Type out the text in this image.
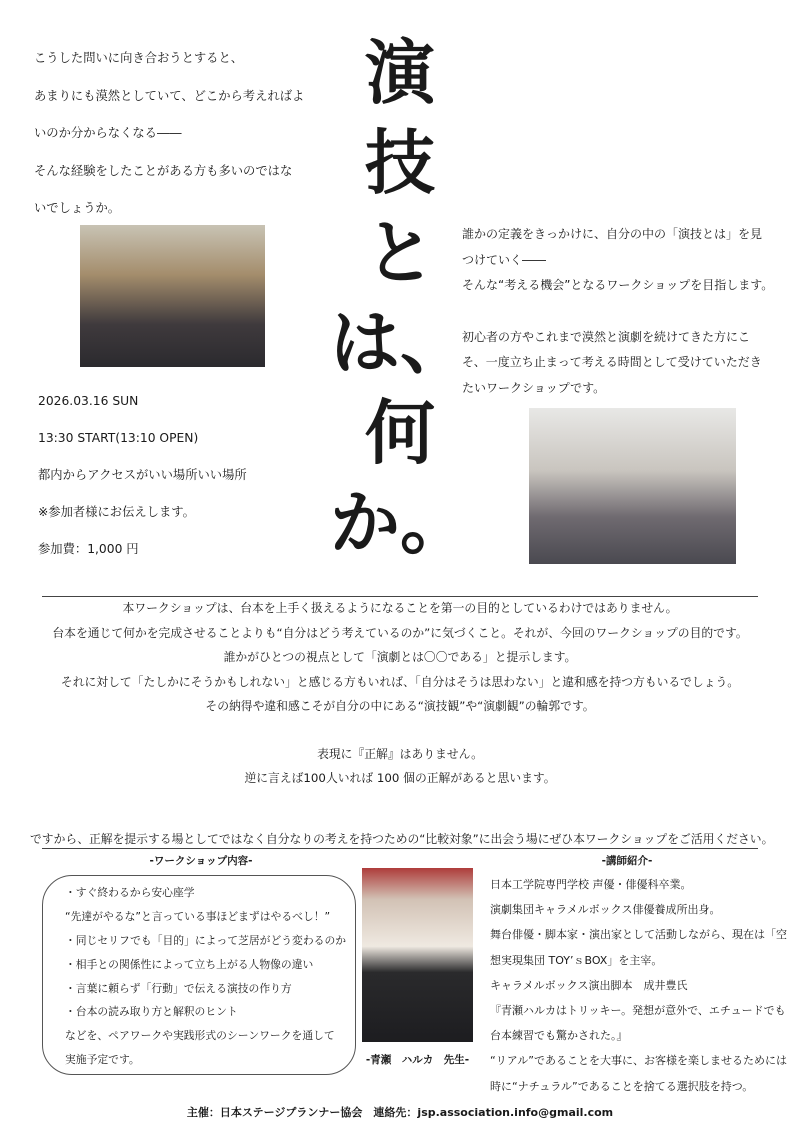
こうした問いに向き合おうとすると、
あまりにも漠然としていて、どこから考えればよ
いのか分からなくなる――
そんな経験をしたことがある方も多いのではな
いでしょうか。
演
技
と
は、
何
か。
誰かの定義をきっかけに、自分の中の「演技とは」を見
つけていく――
そんな“考える機会”となるワークショップを目指します。
初心者の方やこれまで漠然と演劇を続けてきた方にこ
そ、一度立ち止まって考える時間として受けていただき
たいワークショップです。
2026.03.16 SUN
13:30 START(13:10 OPEN)
都内からアクセスがいい場所いい場所
※参加者様にお伝えします。
参加費：1,000 円
本ワークショップは、台本を上手く扱えるようになることを第一の目的としているわけではありません。
台本を通じて何かを完成させることよりも“自分はどう考えているのか”に気づくこと。それが、今回のワークショップの目的です。
誰かがひとつの視点として「演劇とは〇〇である」と提示します。
それに対して「たしかにそうかもしれない」と感じる方もいれば、「自分はそうは思わない」と違和感を持つ方もいるでしょう。
その納得や違和感こそが自分の中にある“演技観”や“演劇観”の輪郭です。
表現に『正解』はありません。
逆に言えば100人いれば 100 個の正解があると思います。
ですから、正解を提示する場としてではなく自分なりの考えを持つための“比較対象”に出会う場にぜひ本ワークショップをご活用ください。
-ワークショップ内容-
・すぐ終わるから安心座学
“先達がやるな”と言っている事ほどまずはやるべし！”
・同じセリフでも「目的」によって芝居がどう変わるのか
・相手との関係性によって立ち上がる人物像の違い
・言葉に頼らず「行動」で伝える演技の作り方
・台本の読み取り方と解釈のヒント
などを、ペアワークや実践形式のシーンワークを通して
実施予定です。	-青瀬　ハルカ　先生-
-講師紹介-
日本工学院専門学校 声優・俳優科卒業。
演劇集団キャラメルボックス俳優養成所出身。
舞台俳優・脚本家・演出家として活動しながら、現在は「空
想実現集団 TOY’ｓBOX」を主宰。
キャラメルボックス演出脚本　成井豊氏
『青瀬ハルカはトリッキー。発想が意外で、エチュードでも
台本練習でも驚かされた。』
“リアル”であることを大事に、お客様を楽しませるためには
時に“ナチュラル”であることを捨てる選択肢を持つ。
主催：日本ステージプランナー協会　連絡先：jsp.association.info@gmail.com
